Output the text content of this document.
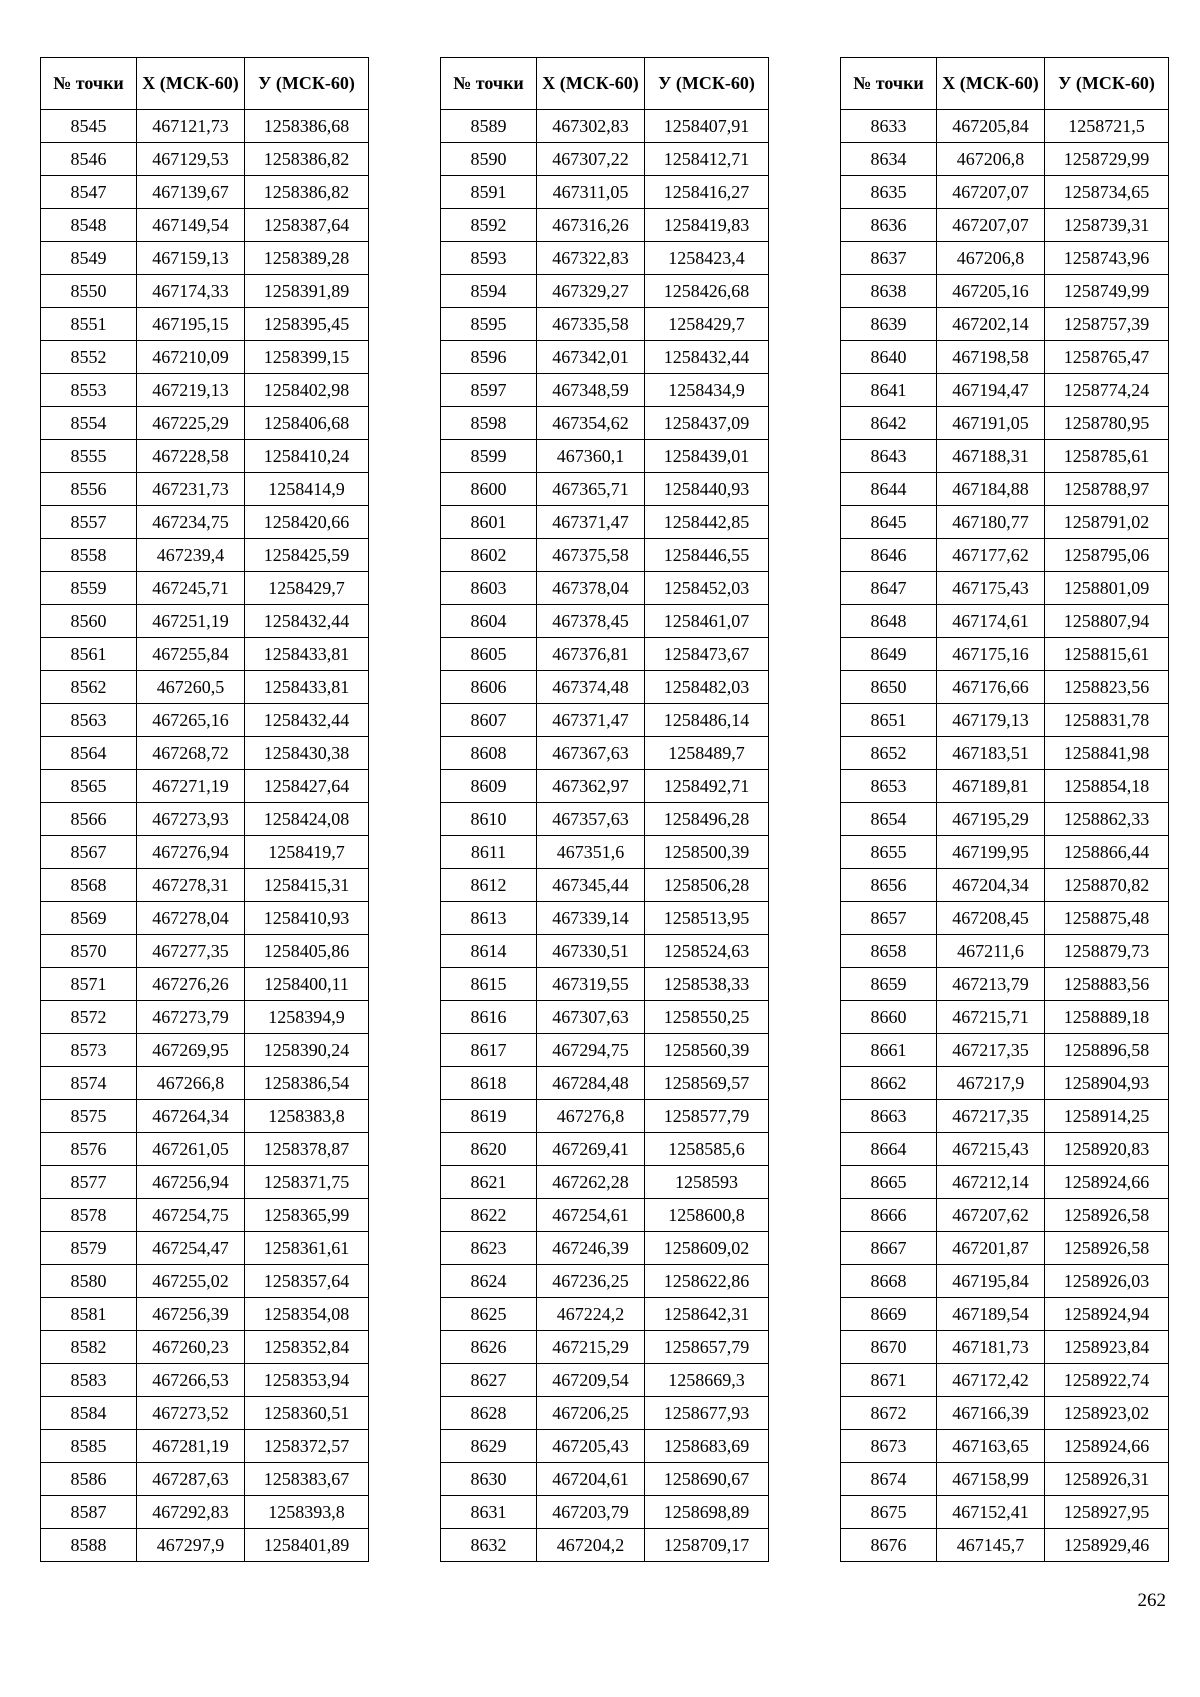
№ точки	Х (МСК-60)	У (МСК-60)
8545	467121,73	1258386,68
8546	467129,53	1258386,82
8547	467139,67	1258386,82
8548	467149,54	1258387,64
8549	467159,13	1258389,28
8550	467174,33	1258391,89
8551	467195,15	1258395,45
8552	467210,09	1258399,15
8553	467219,13	1258402,98
8554	467225,29	1258406,68
8555	467228,58	1258410,24
8556	467231,73	1258414,9
8557	467234,75	1258420,66
8558	467239,4	1258425,59
8559	467245,71	1258429,7
8560	467251,19	1258432,44
8561	467255,84	1258433,81
8562	467260,5	1258433,81
8563	467265,16	1258432,44
8564	467268,72	1258430,38
8565	467271,19	1258427,64
8566	467273,93	1258424,08
8567	467276,94	1258419,7
8568	467278,31	1258415,31
8569	467278,04	1258410,93
8570	467277,35	1258405,86
8571	467276,26	1258400,11
8572	467273,79	1258394,9
8573	467269,95	1258390,24
8574	467266,8	1258386,54
8575	467264,34	1258383,8
8576	467261,05	1258378,87
8577	467256,94	1258371,75
8578	467254,75	1258365,99
8579	467254,47	1258361,61
8580	467255,02	1258357,64
8581	467256,39	1258354,08
8582	467260,23	1258352,84
8583	467266,53	1258353,94
8584	467273,52	1258360,51
8585	467281,19	1258372,57
8586	467287,63	1258383,67
8587	467292,83	1258393,8
8588	467297,9	1258401,89
№ точки	Х (МСК-60)	У (МСК-60)
8589	467302,83	1258407,91
8590	467307,22	1258412,71
8591	467311,05	1258416,27
8592	467316,26	1258419,83
8593	467322,83	1258423,4
8594	467329,27	1258426,68
8595	467335,58	1258429,7
8596	467342,01	1258432,44
8597	467348,59	1258434,9
8598	467354,62	1258437,09
8599	467360,1	1258439,01
8600	467365,71	1258440,93
8601	467371,47	1258442,85
8602	467375,58	1258446,55
8603	467378,04	1258452,03
8604	467378,45	1258461,07
8605	467376,81	1258473,67
8606	467374,48	1258482,03
8607	467371,47	1258486,14
8608	467367,63	1258489,7
8609	467362,97	1258492,71
8610	467357,63	1258496,28
8611	467351,6	1258500,39
8612	467345,44	1258506,28
8613	467339,14	1258513,95
8614	467330,51	1258524,63
8615	467319,55	1258538,33
8616	467307,63	1258550,25
8617	467294,75	1258560,39
8618	467284,48	1258569,57
8619	467276,8	1258577,79
8620	467269,41	1258585,6
8621	467262,28	1258593
8622	467254,61	1258600,8
8623	467246,39	1258609,02
8624	467236,25	1258622,86
8625	467224,2	1258642,31
8626	467215,29	1258657,79
8627	467209,54	1258669,3
8628	467206,25	1258677,93
8629	467205,43	1258683,69
8630	467204,61	1258690,67
8631	467203,79	1258698,89
8632	467204,2	1258709,17
№ точки	Х (МСК-60)	У (МСК-60)
8633	467205,84	1258721,5
8634	467206,8	1258729,99
8635	467207,07	1258734,65
8636	467207,07	1258739,31
8637	467206,8	1258743,96
8638	467205,16	1258749,99
8639	467202,14	1258757,39
8640	467198,58	1258765,47
8641	467194,47	1258774,24
8642	467191,05	1258780,95
8643	467188,31	1258785,61
8644	467184,88	1258788,97
8645	467180,77	1258791,02
8646	467177,62	1258795,06
8647	467175,43	1258801,09
8648	467174,61	1258807,94
8649	467175,16	1258815,61
8650	467176,66	1258823,56
8651	467179,13	1258831,78
8652	467183,51	1258841,98
8653	467189,81	1258854,18
8654	467195,29	1258862,33
8655	467199,95	1258866,44
8656	467204,34	1258870,82
8657	467208,45	1258875,48
8658	467211,6	1258879,73
8659	467213,79	1258883,56
8660	467215,71	1258889,18
8661	467217,35	1258896,58
8662	467217,9	1258904,93
8663	467217,35	1258914,25
8664	467215,43	1258920,83
8665	467212,14	1258924,66
8666	467207,62	1258926,58
8667	467201,87	1258926,58
8668	467195,84	1258926,03
8669	467189,54	1258924,94
8670	467181,73	1258923,84
8671	467172,42	1258922,74
8672	467166,39	1258923,02
8673	467163,65	1258924,66
8674	467158,99	1258926,31
8675	467152,41	1258927,95
8676	467145,7	1258929,46
262
